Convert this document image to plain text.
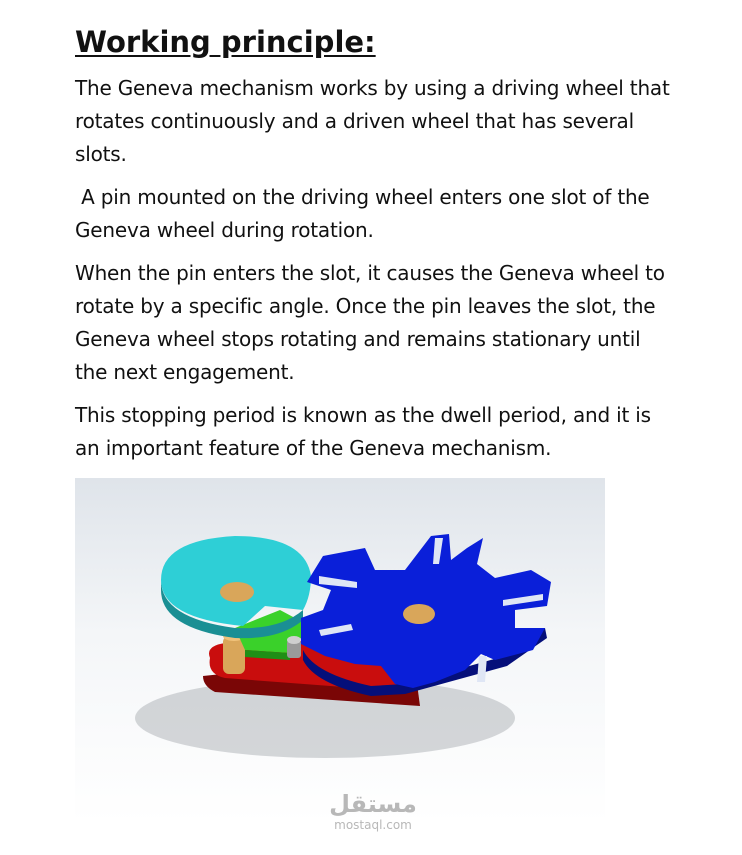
Working principle:

The Geneva mechanism works by using a driving wheel that rotates continuously and a driven wheel that has several slots.

A pin mounted on the driving wheel enters one slot of the Geneva wheel during rotation.

When the pin enters the slot, it causes the Geneva wheel to rotate by a specific angle. Once the pin leaves the slot, the Geneva wheel stops rotating and remains stationary until the next engagement.

This stopping period is known as the dwell period, and it is an important feature of the Geneva mechanism.

مستقل
mostaql.com
